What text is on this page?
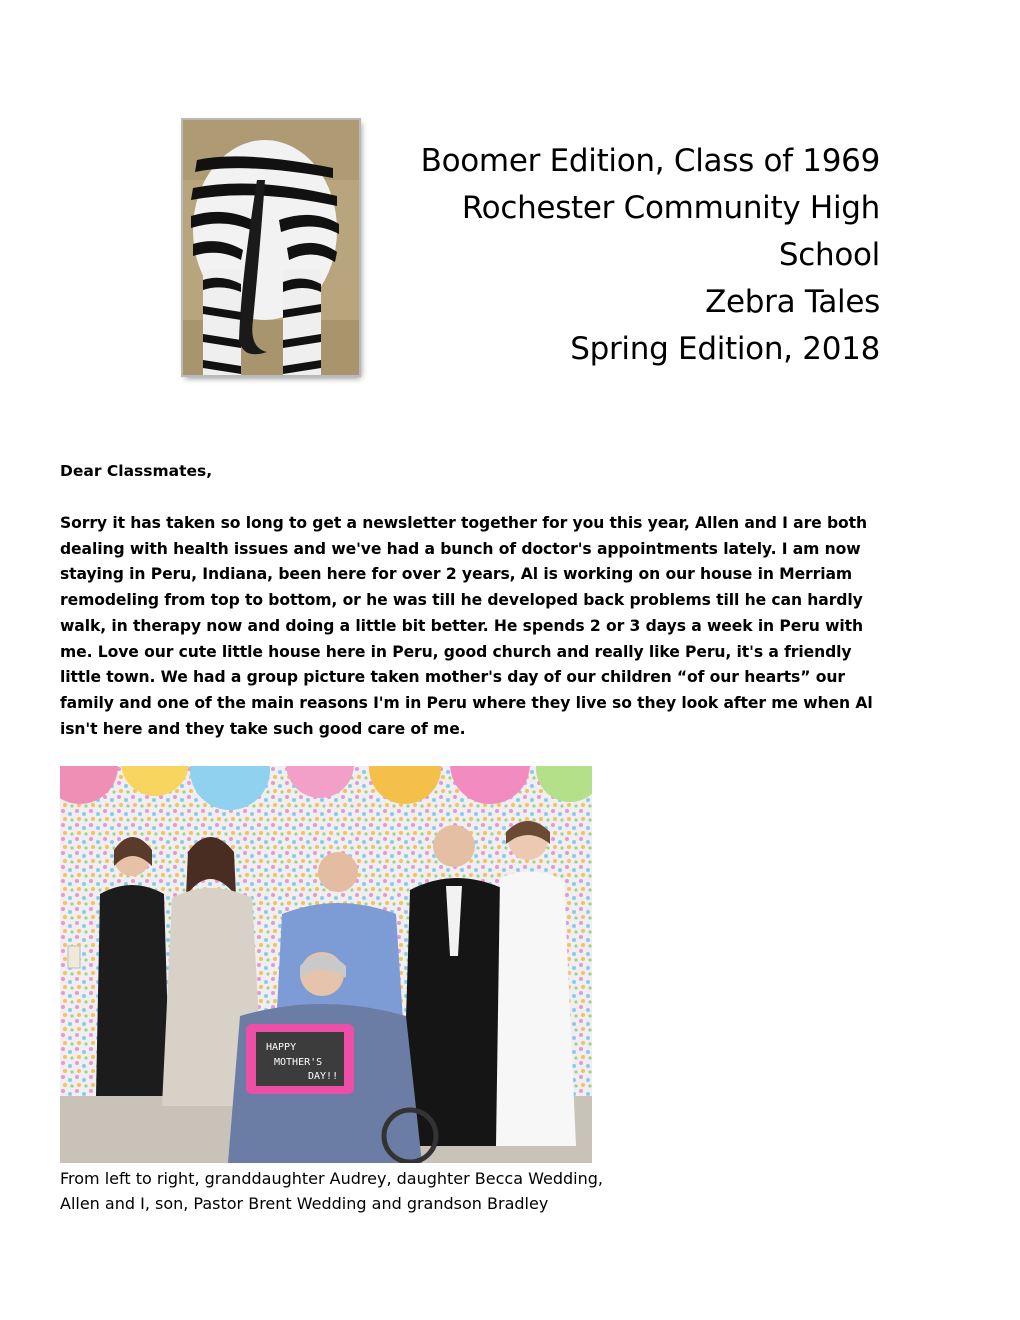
Boomer Edition, Class of 1969
Rochester Community High
School
Zebra Tales
Spring Edition, 2018
Dear Classmates,

Sorry it has taken so long to get a newsletter together for you this year, Allen and I are both dealing with health issues and we've had a bunch of doctor's appointments lately. I am now staying in Peru, Indiana, been here for over 2 years, Al is working on our house in Merriam remodeling from top to bottom, or he was till he developed back problems till he can hardly walk, in therapy now and doing a little bit better. He spends 2 or 3 days a week in Peru with me. Love our cute little house here in Peru, good church and really like Peru, it's a friendly little town. We had a group picture taken mother's day of our children “of our hearts” our family and one of the main reasons I'm in Peru where they live so they look after me when Al isn't here and they take such good care of me.

HAPPY
MOTHER'S
DAY!!

From left to right, granddaughter Audrey, daughter Becca Wedding,
Allen and I, son, Pastor Brent Wedding and grandson Bradley
